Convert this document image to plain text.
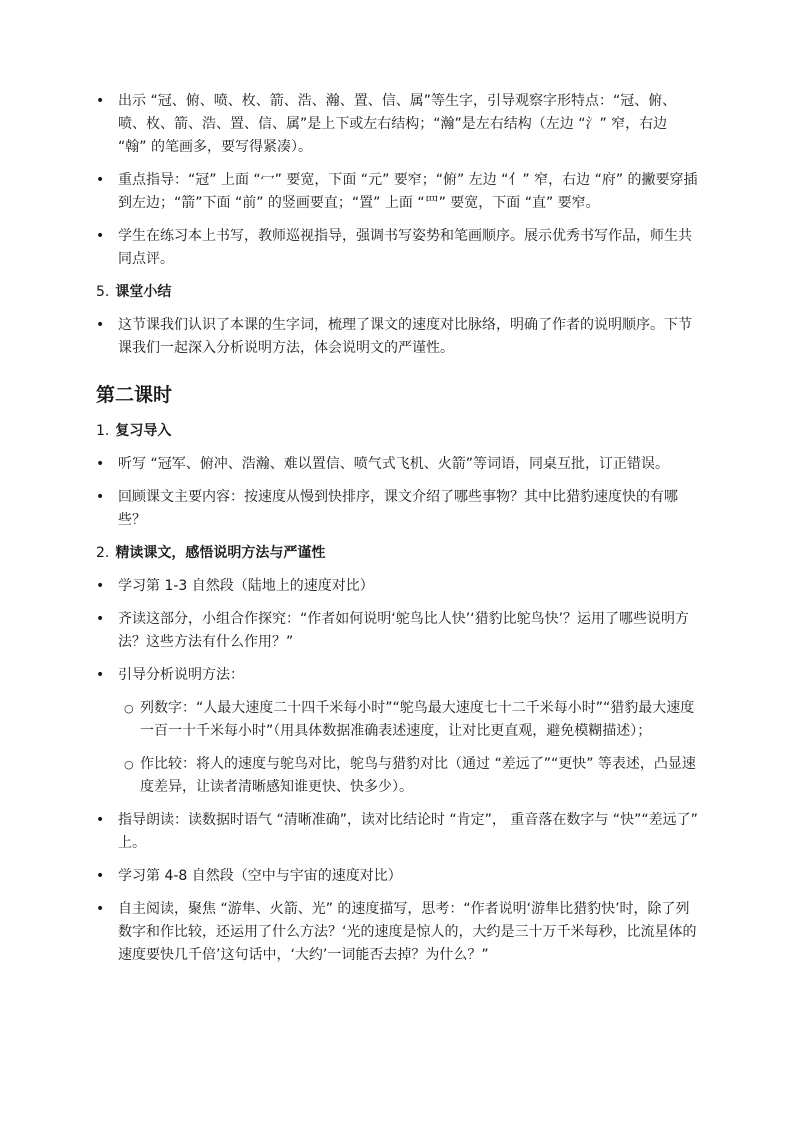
• 出示 “冠、俯、喷、枚、箭、浩、瀚、置、信、属”等生字，引导观察字形特点：“冠、俯、喷、枚、箭、浩、置、信、属”是上下或左右结构；“瀚”是左右结构（左边 “氵” 窄，右边 “翰” 的笔画多，要写得紧凑）。
• 重点指导：“冠” 上面 “冖” 要宽，下面 “元” 要窄；“俯” 左边 “亻” 窄，右边 “府” 的撇要穿插到左边；“箭”下面 “前” 的竖画要直；“置” 上面 “罒” 要宽，下面 “直” 要窄。
• 学生在练习本上书写，教师巡视指导，强调书写姿势和笔画顺序。展示优秀书写作品，师生共同点评。
5. 课堂小结
• 这节课我们认识了本课的生字词，梳理了课文的速度对比脉络，明确了作者的说明顺序。下节课我们一起深入分析说明方法，体会说明文的严谨性。
第二课时
1. 复习导入
• 听写 “冠军、俯冲、浩瀚、难以置信、喷气式飞机、火箭”等词语，同桌互批，订正错误。
• 回顾课文主要内容：按速度从慢到快排序，课文介绍了哪些事物？其中比猎豹速度快的有哪些？
2. 精读课文，感悟说明方法与严谨性
• 学习第 1-3 自然段（陆地上的速度对比）
• 齐读这部分，小组合作探究：“作者如何说明‘鸵鸟比人快’‘猎豹比鸵鸟快’？运用了哪些说明方法？这些方法有什么作用？”
• 引导分析说明方法：
○ 列数字：“人最大速度二十四千米每小时”“鸵鸟最大速度七十二千米每小时”“猎豹最大速度一百一十千米每小时”（用具体数据准确表述速度，让对比更直观，避免模糊描述）；
○ 作比较：将人的速度与鸵鸟对比，鸵鸟与猎豹对比（通过 “差远了”“更快” 等表述，凸显速度差异，让读者清晰感知谁更快、快多少）。
• 指导朗读：读数据时语气 “清晰准确”，读对比结论时 “肯定”， 重音落在数字与 “快”“差远了” 上。
• 学习第 4-8 自然段（空中与宇宙的速度对比）
• 自主阅读，聚焦 “游隼、火箭、光” 的速度描写，思考：“作者说明‘游隼比猎豹快’时，除了列数字和作比较，还运用了什么方法？‘光的速度是惊人的，大约是三十万千米每秒，比流星体的速度要快几千倍’这句话中，‘大约’一词能否去掉？为什么？”
